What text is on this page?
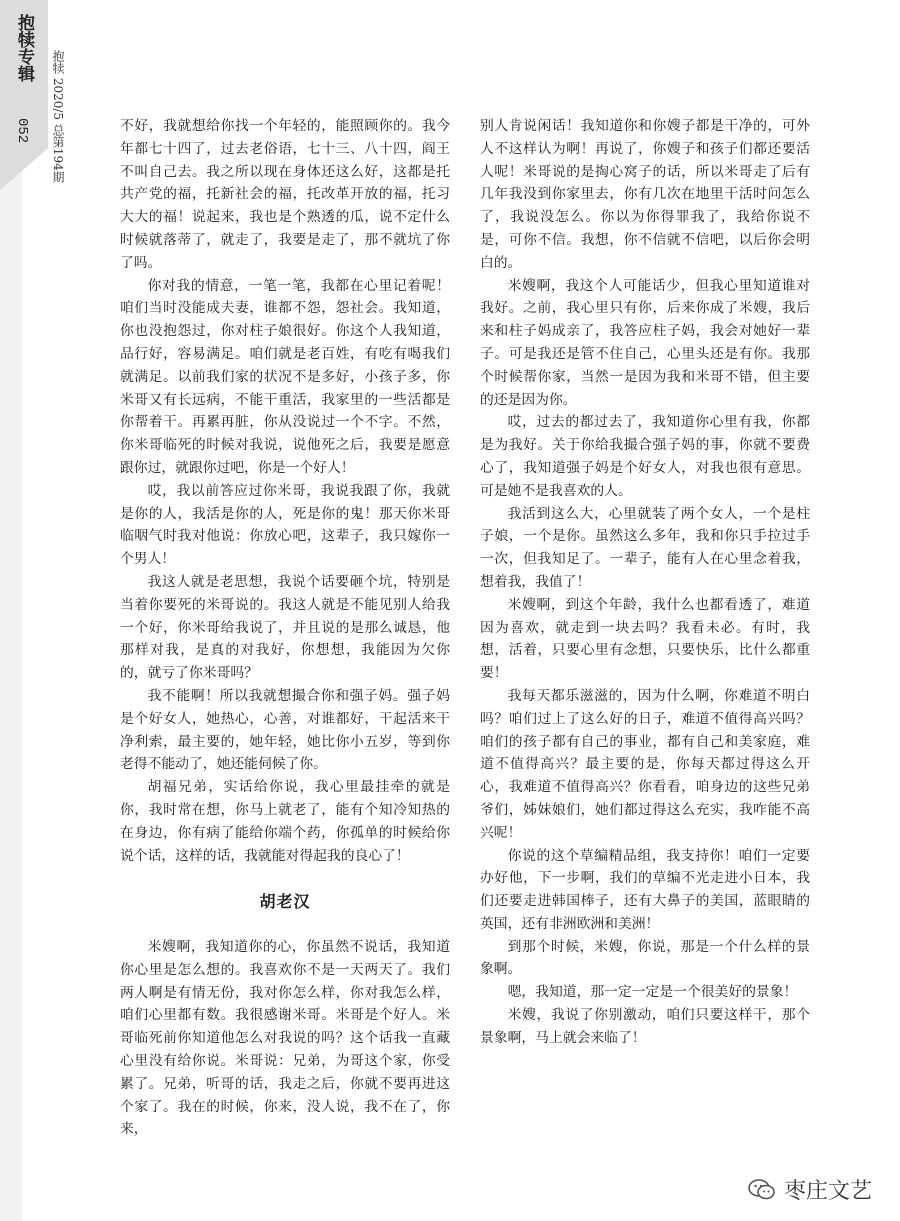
抱犊专辑
052 抱犊 2020/5 总第194期	不好，我就想给你找一个年轻的，能照顾你的。我今年都七十四了，过去老俗语，七十三、八十四，阎王不叫自己去。我之所以现在身体还这么好，这都是托共产党的福，托新社会的福，托改革开放的福，托习大大的福！说起来，我也是个熟透的瓜，说不定什么时候就落蒂了，就走了，我要是走了，那不就坑了你了吗。

你对我的情意，一笔一笔，我都在心里记着呢！咱们当时没能成夫妻，谁都不怨，怨社会。我知道，你也没抱怨过，你对柱子娘很好。你这个人我知道，品行好，容易满足。咱们就是老百姓，有吃有喝我们就满足。以前我们家的状况不是多好，小孩子多，你米哥又有长远病，不能干重活，我家里的一些活都是你帮着干。再累再脏，你从没说过一个不字。不然，你米哥临死的时候对我说，说他死之后，我要是愿意跟你过，就跟你过吧，你是一个好人！

哎，我以前答应过你米哥，我说我跟了你，我就是你的人，我活是你的人，死是你的鬼！那天你米哥临咽气时我对他说：你放心吧，这辈子，我只嫁你一个男人！

我这人就是老思想，我说个话要砸个坑，特别是当着你要死的米哥说的。我这人就是不能见别人给我一个好，你米哥给我说了，并且说的是那么诚恳，他那样对我，是真的对我好，你想想，我能因为欠你的，就亏了你米哥吗？

我不能啊！所以我就想撮合你和强子妈。强子妈是个好女人，她热心，心善，对谁都好，干起活来干净利索，最主要的，她年轻，她比你小五岁，等到你老得不能动了，她还能伺候了你。

胡福兄弟，实话给你说，我心里最挂牵的就是你，我时常在想，你马上就老了，能有个知冷知热的在身边，你有病了能给你端个药，你孤单的时候给你说个话，这样的话，我就能对得起我的良心了！

胡老汉

米嫂啊，我知道你的心，你虽然不说话，我知道你心里是怎么想的。我喜欢你不是一天两天了。我们两人啊是有情无份，我对你怎么样，你对我怎么样，咱们心里都有数。我很感谢米哥。米哥是个好人。米哥临死前你知道他怎么对我说的吗？这个话我一直藏心里没有给你说。米哥说：兄弟，为哥这个家，你受累了。兄弟，听哥的话，我走之后，你就不要再进这个家了。我在的时候，你来，没人说，我不在了，你来，

别人肯说闲话！我知道你和你嫂子都是干净的，可外人不这样认为啊！再说了，你嫂子和孩子们都还要活人呢！米哥说的是掏心窝子的话，所以米哥走了后有几年我没到你家里去，你有几次在地里干活时问怎么了，我说没怎么。你以为你得罪我了，我给你说不是，可你不信。我想，你不信就不信吧，以后你会明白的。

米嫂啊，我这个人可能话少，但我心里知道谁对我好。之前，我心里只有你，后来你成了米嫂，我后来和柱子妈成亲了，我答应柱子妈，我会对她好一辈子。可是我还是管不住自己，心里头还是有你。我那个时候帮你家，当然一是因为我和米哥不错，但主要的还是因为你。

哎，过去的都过去了，我知道你心里有我，你都是为我好。关于你给我撮合强子妈的事，你就不要费心了，我知道强子妈是个好女人，对我也很有意思。可是她不是我喜欢的人。

我活到这么大，心里就装了两个女人，一个是柱子娘，一个是你。虽然这么多年，我和你只手拉过手一次，但我知足了。一辈子，能有人在心里念着我，想着我，我值了！

米嫂啊，到这个年龄，我什么也都看透了，难道因为喜欢，就走到一块去吗？我看未必。有时，我想，活着，只要心里有念想，只要快乐，比什么都重要！

我每天都乐滋滋的，因为什么啊，你难道不明白吗？咱们过上了这么好的日子，难道不值得高兴吗？咱们的孩子都有自己的事业，都有自己和美家庭，难道不值得高兴？最主要的是，你每天都过得这么开心，我难道不值得高兴？你看看，咱身边的这些兄弟爷们，姊妹娘们，她们都过得这么充实，我咋能不高兴呢！

你说的这个草编精品组，我支持你！咱们一定要办好他，下一步啊，我们的草编不光走进小日本，我们还要走进韩国棒子，还有大鼻子的美国，蓝眼睛的英国，还有非洲欧洲和美洲！

到那个时候，米嫂，你说，那是一个什么样的景象啊。

嗯，我知道，那一定一定是一个很美好的景象！

米嫂，我说了你别激动，咱们只要这样干，那个景象啊，马上就会来临了！

枣庄文艺
